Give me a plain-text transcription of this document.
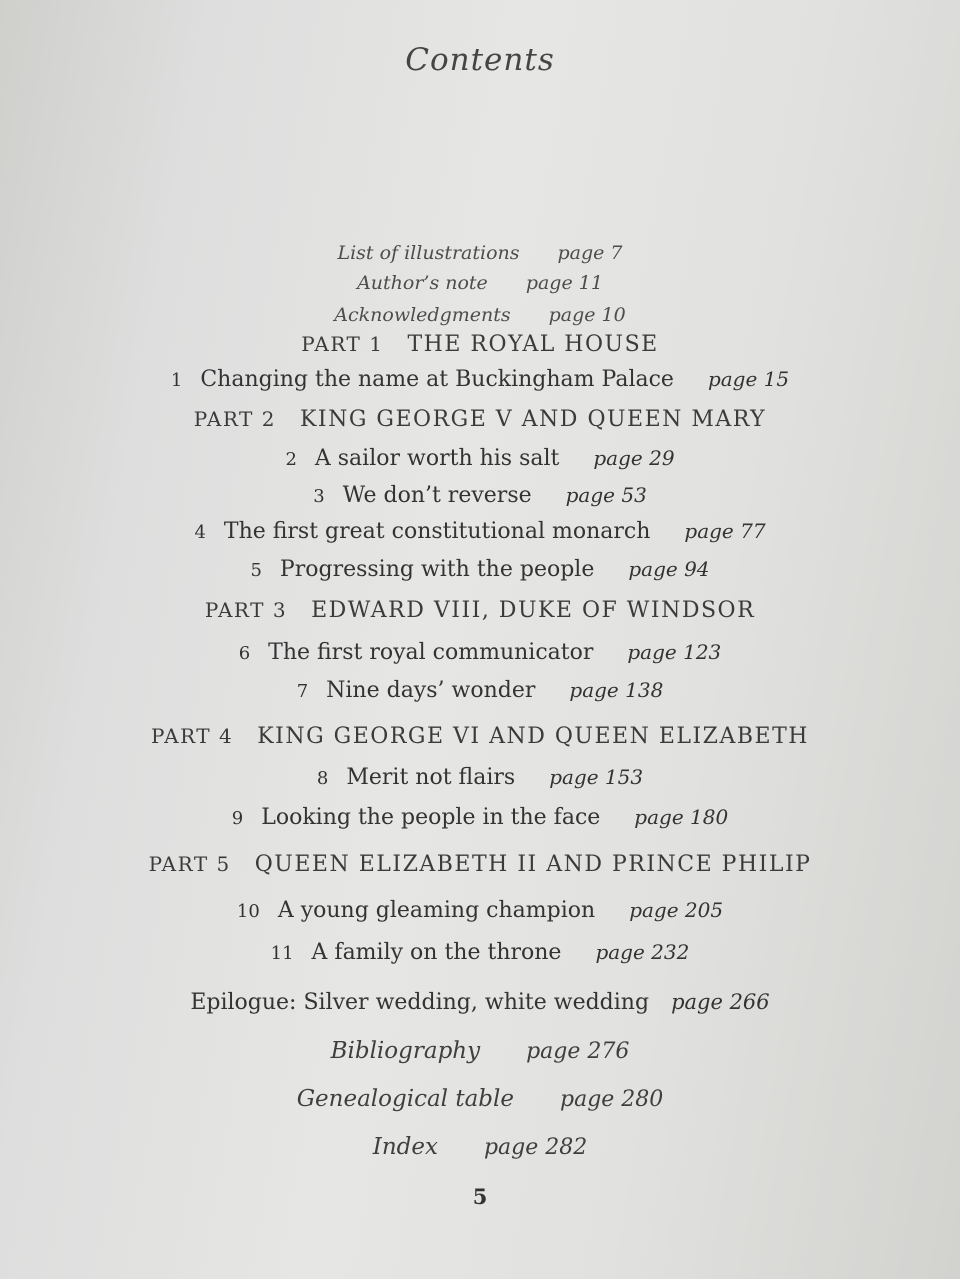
Contents
List of illustrations page 7
Author’s note page 11
Acknowledgments page 10
PART 1 THE ROYAL HOUSE
1 Changing the name at Buckingham Palace page 15
PART 2 KING GEORGE V AND QUEEN MARY
2 A sailor worth his salt page 29
3 We don’t reverse page 53
4 The first great constitutional monarch page 77
5 Progressing with the people page 94
PART 3 EDWARD VIII, DUKE OF WINDSOR
6 The first royal communicator page 123
7 Nine days’ wonder page 138
PART 4 KING GEORGE VI AND QUEEN ELIZABETH
8 Merit not flairs page 153
9 Looking the people in the face page 180
PART 5 QUEEN ELIZABETH II AND PRINCE PHILIP
10 A young gleaming champion page 205
11 A family on the throne page 232
Epilogue: Silver wedding, white wedding page 266
Bibliography page 276
Genealogical table page 280
Index page 282
5
